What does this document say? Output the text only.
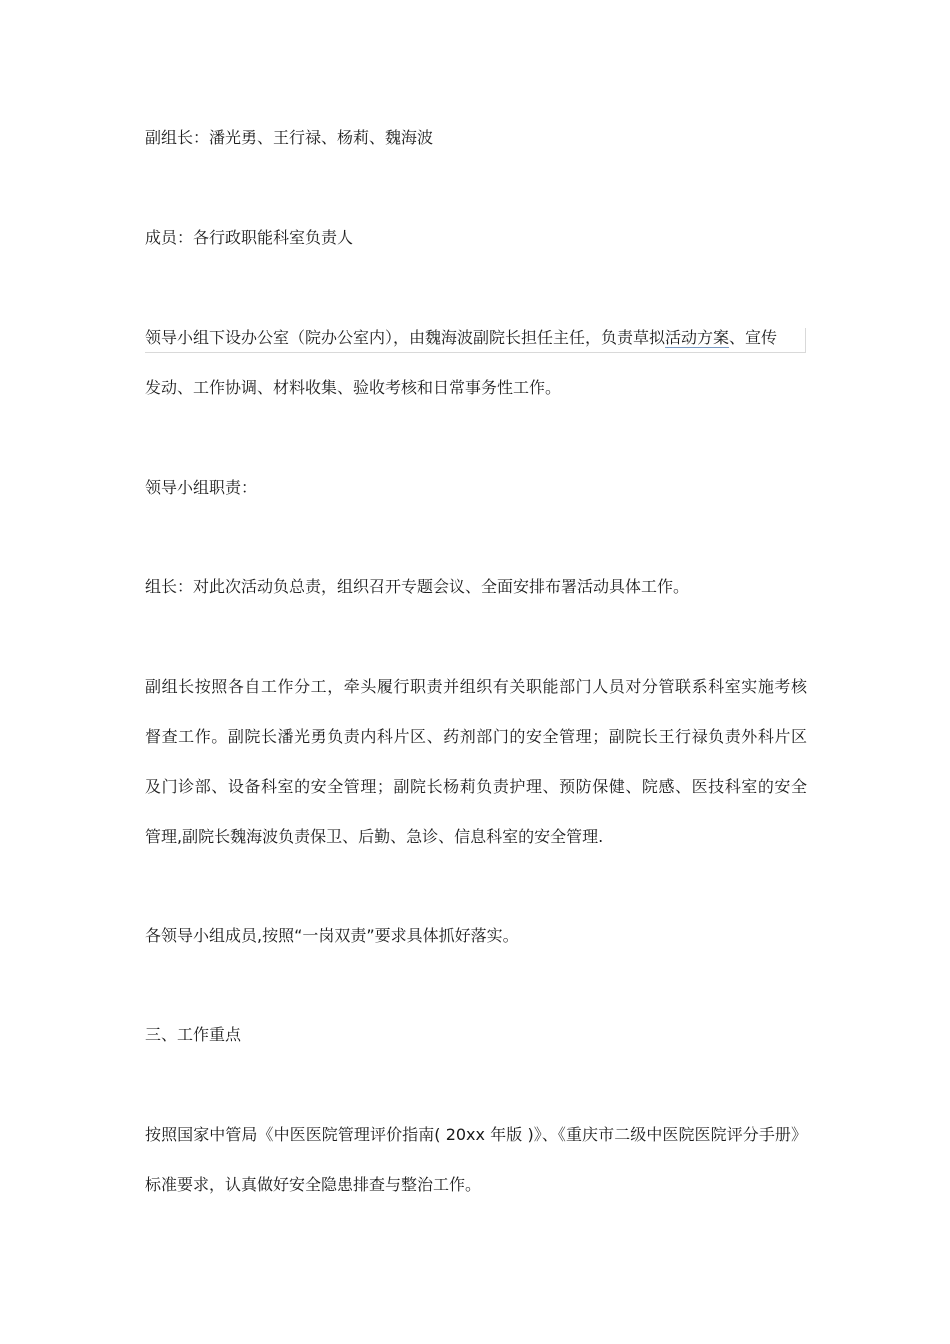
副组长：潘光勇、王行禄、杨莉、魏海波
成员：各行政职能科室负责人
领导小组下设办公室（院办公室内），由魏海波副院长担任主任，负责草拟活动方案、宣传
发动、工作协调、材料收集、验收考核和日常事务性工作。
领导小组职责：
组长：对此次活动负总责，组织召开专题会议、全面安排布署活动具体工作。
副组长按照各自工作分工，牵头履行职责并组织有关职能部门人员对分管联系科室实施考核
督查工作。副院长潘光勇负责内科片区、药剂部门的安全管理；副院长王行禄负责外科片区
及门诊部、设备科室的安全管理；副院长杨莉负责护理、预防保健、院感、医技科室的安全
管理,副院长魏海波负责保卫、后勤、急诊、信息科室的安全管理.
各领导小组成员,按照“一岗双责”要求具体抓好落实。
三、工作重点
按照国家中管局《中医医院管理评价指南( 20xx 年版 )》、《重庆市二级中医院医院评分手册》
标准要求，认真做好安全隐患排查与整治工作。
